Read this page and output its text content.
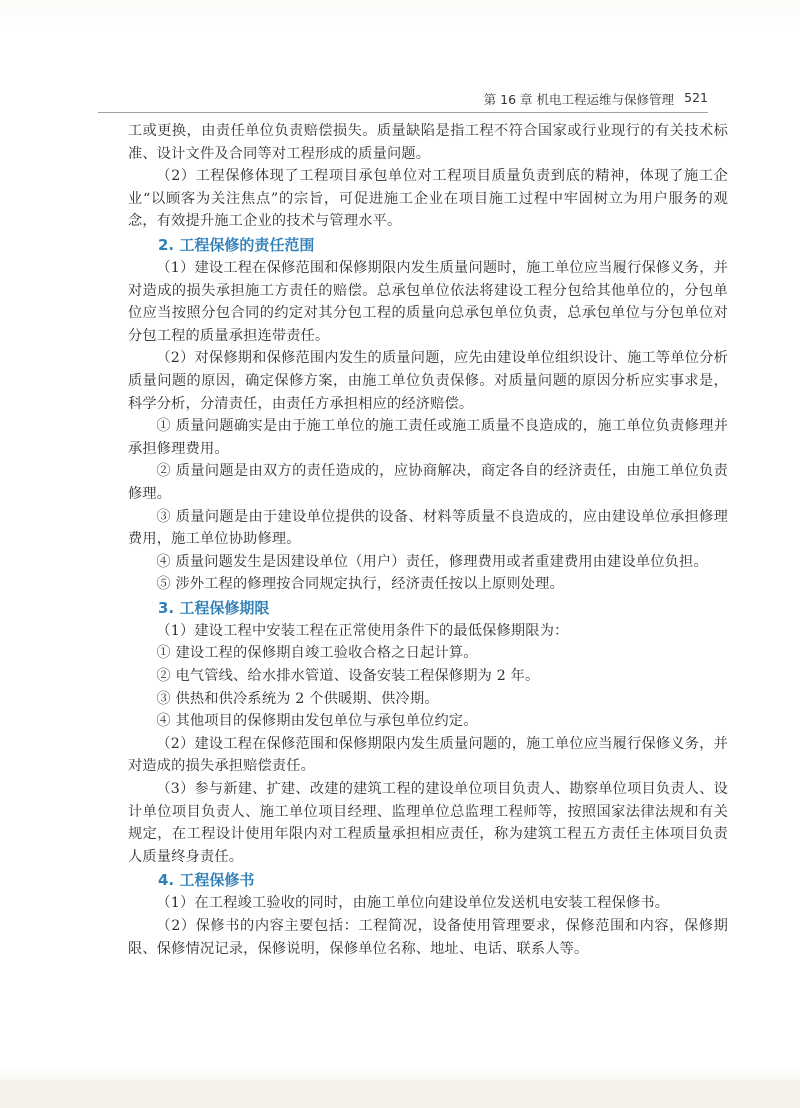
第 16 章 机电工程运维与保修管理 521

工或更换，由责任单位负责赔偿损失。质量缺陷是指工程不符合国家或行业现行的有关技术标准、设计文件及合同等对工程形成的质量问题。

（2）工程保修体现了工程项目承包单位对工程项目质量负责到底的精神，体现了施工企业“以顾客为关注焦点”的宗旨，可促进施工企业在项目施工过程中牢固树立为用户服务的观念，有效提升施工企业的技术与管理水平。

2. 工程保修的责任范围

（1）建设工程在保修范围和保修期限内发生质量问题时，施工单位应当履行保修义务，并对造成的损失承担施工方责任的赔偿。总承包单位依法将建设工程分包给其他单位的，分包单位应当按照分包合同的约定对其分包工程的质量向总承包单位负责，总承包单位与分包单位对分包工程的质量承担连带责任。

（2）对保修期和保修范围内发生的质量问题，应先由建设单位组织设计、施工等单位分析质量问题的原因，确定保修方案，由施工单位负责保修。对质量问题的原因分析应实事求是，科学分析，分清责任，由责任方承担相应的经济赔偿。

① 质量问题确实是由于施工单位的施工责任或施工质量不良造成的，施工单位负责修理并承担修理费用。

② 质量问题是由双方的责任造成的，应协商解决，商定各自的经济责任，由施工单位负责修理。

③ 质量问题是由于建设单位提供的设备、材料等质量不良造成的，应由建设单位承担修理费用，施工单位协助修理。

④ 质量问题发生是因建设单位（用户）责任，修理费用或者重建费用由建设单位负担。

⑤ 涉外工程的修理按合同规定执行，经济责任按以上原则处理。

3. 工程保修期限

（1）建设工程中安装工程在正常使用条件下的最低保修期限为：

① 建设工程的保修期自竣工验收合格之日起计算。

② 电气管线、给水排水管道、设备安装工程保修期为 2 年。

③ 供热和供冷系统为 2 个供暖期、供冷期。

④ 其他项目的保修期由发包单位与承包单位约定。

（2）建设工程在保修范围和保修期限内发生质量问题的，施工单位应当履行保修义务，并对造成的损失承担赔偿责任。

（3）参与新建、扩建、改建的建筑工程的建设单位项目负责人、勘察单位项目负责人、设计单位项目负责人、施工单位项目经理、监理单位总监理工程师等，按照国家法律法规和有关规定，在工程设计使用年限内对工程质量承担相应责任，称为建筑工程五方责任主体项目负责人质量终身责任。

4. 工程保修书

（1）在工程竣工验收的同时，由施工单位向建设单位发送机电安装工程保修书。

（2）保修书的内容主要包括：工程简况，设备使用管理要求，保修范围和内容，保修期限、保修情况记录，保修说明，保修单位名称、地址、电话、联系人等。
